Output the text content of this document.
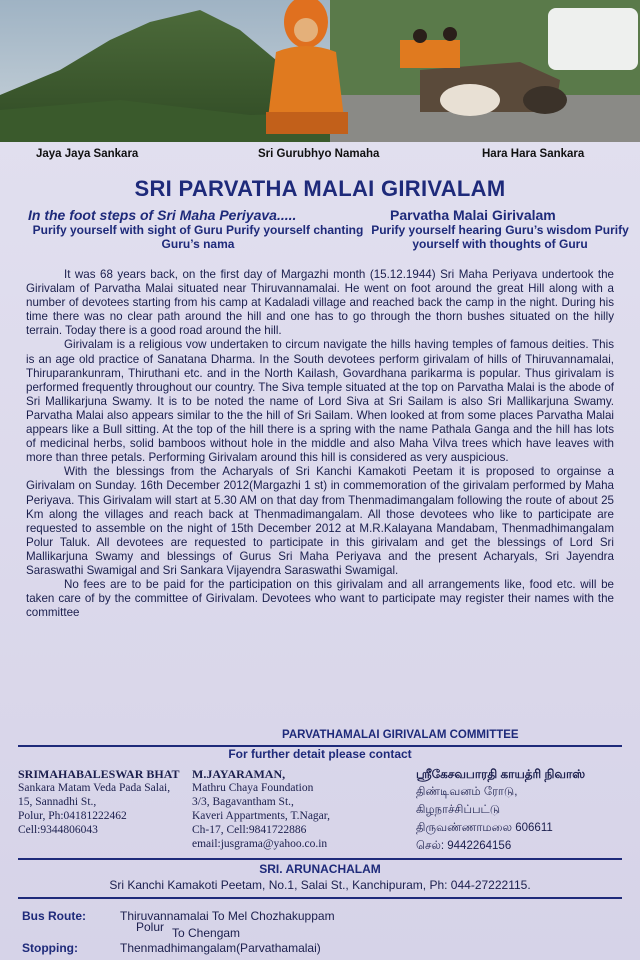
Jaya Jaya Sankara	Sri Gurubhyo Namaha	Hara Hara Sankara
SRI PARVATHA MALAI GIRIVALAM
In the foot steps of Sri Maha Periyava.....	Parvatha Malai Girivalam
Purify yourself with sight of Guru Purify yourself chanting Guru’s nama
Purify yourself hearing Guru’s wisdom Purify yourself with thoughts of Guru

It was 68 years back, on the first day of Margazhi month (15.12.1944) Sri Maha Periyava undertook the Girivalam of Parvatha Malai situated near Thiruvannamalai. He went on foot around the great Hill along with a number of devotees starting from his camp at Kadaladi village and reached back the camp in the night. During his time there was no clear path around the hill and one has to go through the thorn bushes situated on the hilly terrain. Today there is a good road around the hill.

Girivalam is a religious vow undertaken to circum navigate the hills having temples of famous deities. This is an age old practice of Sanatana Dharma. In the South devotees perform girivalam of hills of Thiruvannamalai, Thiruparankunram, Thiruthani etc. and in the North Kailash, Govardhana parikarma is popular. Thus girivalam is performed frequently throughout our country. The Siva temple situated at the top on Parvatha Malai is the abode of Sri Mallikarjuna Swamy. It is to be noted the name of Lord Siva at Sri Sailam is also Sri Mallikarjuna Swamy. Parvatha Malai also appears similar to the the hill of Sri Sailam. When looked at from some places Parvatha Malai appears like a Bull sitting. At the top of the hill there is a spring with the name Pathala Ganga and the hill has lots of medicinal herbs, solid bamboos without hole in the middle and also Maha Vilva trees which have leaves with more than three petals. Performing Girivalam around this hill is considered as very auspicious.

With the blessings from the Acharyals of Sri Kanchi Kamakoti Peetam it is proposed to orgainse a Girivalam on Sunday. 16th December 2012(Margazhi 1 st) in commemoration of the girivalam performed by Maha Periyava. This Girivalam will start at 5.30 AM on that day from Thenmadimangalam following the route of about 25 Km along the villages and reach back at Thenmadimangalam. All those devotees who like to participate are requested to assemble on the night of 15th December 2012 at M.R.Kalayana Mandabam, Thenmadhimangalam Polur Taluk. All devotees are requested to participate in this girivalam and get the blessings of Lord Sri Mallikarjuna Swamy and blessings of Gurus Sri Maha Periyava and the present Acharyals, Sri Jayendra Saraswathi Swamigal and Sri Sankara Vijayendra Saraswathi Swamigal.

No fees are to be paid for the participation on this girivalam and all arrangements like, food etc. will be taken care of by the committee of Girivalam. Devotees who want to participate may register their names with the committee

PARVATHAMALAI GIRIVALAM COMMITTEE
For further detait please contact
SRIMAHABALESWAR BHAT
Sankara Matam Veda Pada Salai,
15, Sannadhi St.,
Polur, Ph:04181222462
Cell:9344806043
M.JAYARAMAN,
Mathru Chaya Foundation
3/3, Bagavantham St.,
Kaveri Appartments, T.Nagar,
Ch-17, Cell:9841722886
email:jusgrama@yahoo.co.in
ஸ்ரீகேசவபாரதி காயத்ரி நிவாஸ்
திண்டிவனம் ரோடு,
கிழநாச்சிப்பட்டு
திருவண்ணாமலை 606611
செல்: 9442264156
SRI. ARUNACHALAM
Sri Kanchi Kamakoti Peetam, No.1, Salai St., Kanchipuram, Ph: 044-27222115.
Bus Route:	Thiruvannamalai To Mel Chozhakuppam
Polur To Chengam
Stopping:	Thenmadhimangalam(Parvathamalai)
